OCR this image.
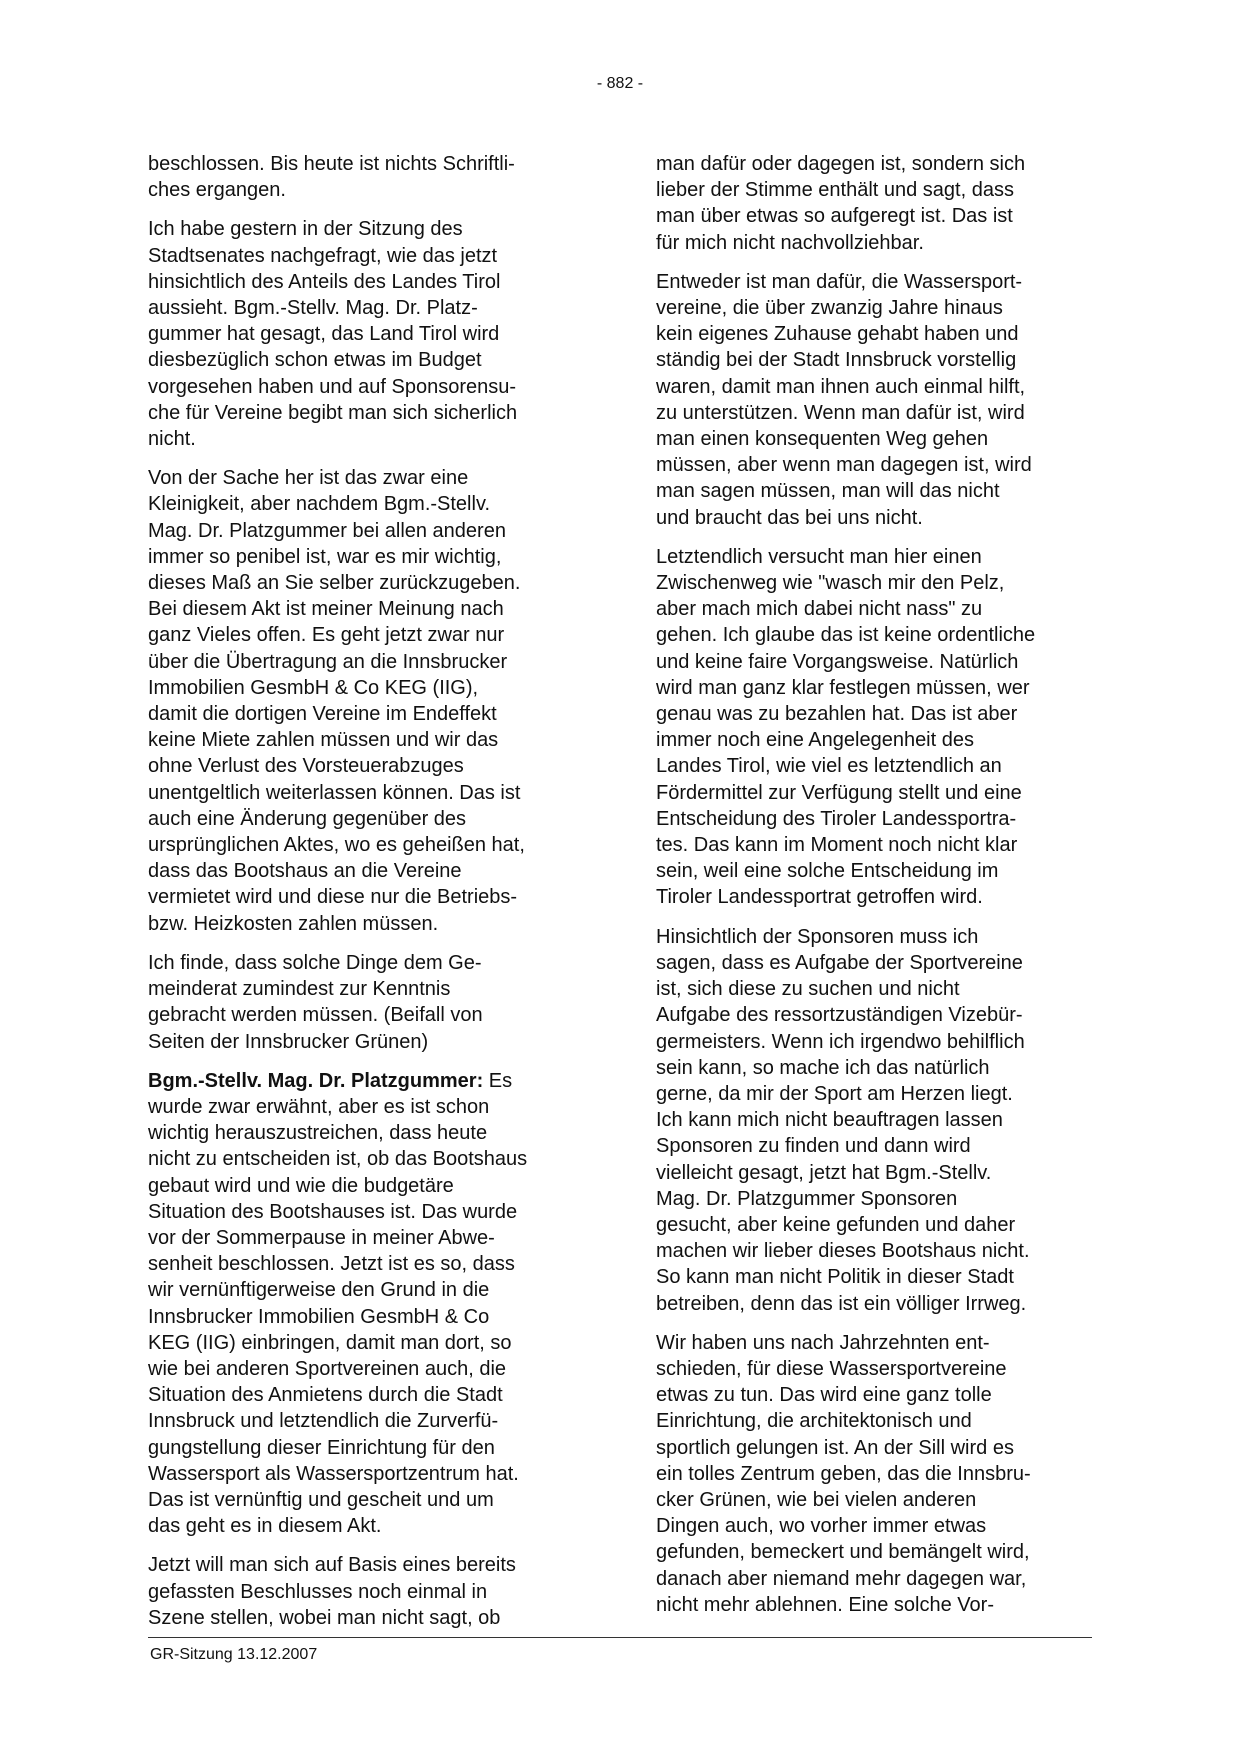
- 882 -

beschlossen. Bis heute ist nichts Schriftli-
ches ergangen.

Ich habe gestern in der Sitzung des
Stadtsenates nachgefragt, wie das jetzt
hinsichtlich des Anteils des Landes Tirol
aussieht. Bgm.-Stellv. Mag. Dr. Platz-
gummer hat gesagt, das Land Tirol wird
diesbezüglich schon etwas im Budget
vorgesehen haben und auf Sponsorensu-
che für Vereine begibt man sich sicherlich
nicht.

Von der Sache her ist das zwar eine
Kleinigkeit, aber nachdem Bgm.-Stellv.
Mag. Dr. Platzgummer bei allen anderen
immer so penibel ist, war es mir wichtig,
dieses Maß an Sie selber zurückzugeben.
Bei diesem Akt ist meiner Meinung nach
ganz Vieles offen. Es geht jetzt zwar nur
über die Übertragung an die Innsbrucker
Immobilien GesmbH & Co KEG (IIG),
damit die dortigen Vereine im Endeffekt
keine Miete zahlen müssen und wir das
ohne Verlust des Vorsteuerabzuges
unentgeltlich weiterlassen können. Das ist
auch eine Änderung gegenüber des
ursprünglichen Aktes, wo es geheißen hat,
dass das Bootshaus an die Vereine
vermietet wird und diese nur die Betriebs-
bzw. Heizkosten zahlen müssen.

Ich finde, dass solche Dinge dem Ge-
meinderat zumindest zur Kenntnis
gebracht werden müssen. (Beifall von
Seiten der Innsbrucker Grünen)

Bgm.-Stellv. Mag. Dr. Platzgummer: Es
wurde zwar erwähnt, aber es ist schon
wichtig herauszustreichen, dass heute
nicht zu entscheiden ist, ob das Bootshaus
gebaut wird und wie die budgetäre
Situation des Bootshauses ist. Das wurde
vor der Sommerpause in meiner Abwe-
senheit beschlossen. Jetzt ist es so, dass
wir vernünftigerweise den Grund in die
Innsbrucker Immobilien GesmbH & Co
KEG (IIG) einbringen, damit man dort, so
wie bei anderen Sportvereinen auch, die
Situation des Anmietens durch die Stadt
Innsbruck und letztendlich die Zurverfü-
gungstellung dieser Einrichtung für den
Wassersport als Wassersportzentrum hat.
Das ist vernünftig und gescheit und um
das geht es in diesem Akt.

Jetzt will man sich auf Basis eines bereits
gefassten Beschlusses noch einmal in
Szene stellen, wobei man nicht sagt, ob

man dafür oder dagegen ist, sondern sich
lieber der Stimme enthält und sagt, dass
man über etwas so aufgeregt ist. Das ist
für mich nicht nachvollziehbar.

Entweder ist man dafür, die Wassersport-
vereine, die über zwanzig Jahre hinaus
kein eigenes Zuhause gehabt haben und
ständig bei der Stadt Innsbruck vorstellig
waren, damit man ihnen auch einmal hilft,
zu unterstützen. Wenn man dafür ist, wird
man einen konsequenten Weg gehen
müssen, aber wenn man dagegen ist, wird
man sagen müssen, man will das nicht
und braucht das bei uns nicht.

Letztendlich versucht man hier einen
Zwischenweg wie "wasch mir den Pelz,
aber mach mich dabei nicht nass" zu
gehen. Ich glaube das ist keine ordentliche
und keine faire Vorgangsweise. Natürlich
wird man ganz klar festlegen müssen, wer
genau was zu bezahlen hat. Das ist aber
immer noch eine Angelegenheit des
Landes Tirol, wie viel es letztendlich an
Fördermittel zur Verfügung stellt und eine
Entscheidung des Tiroler Landessportra-
tes. Das kann im Moment noch nicht klar
sein, weil eine solche Entscheidung im
Tiroler Landessportrat getroffen wird.

Hinsichtlich der Sponsoren muss ich
sagen, dass es Aufgabe der Sportvereine
ist, sich diese zu suchen und nicht
Aufgabe des ressortzuständigen Vizebür-
germeisters. Wenn ich irgendwo behilflich
sein kann, so mache ich das natürlich
gerne, da mir der Sport am Herzen liegt.
Ich kann mich nicht beauftragen lassen
Sponsoren zu finden und dann wird
vielleicht gesagt, jetzt hat Bgm.-Stellv.
Mag. Dr. Platzgummer Sponsoren
gesucht, aber keine gefunden und daher
machen wir lieber dieses Bootshaus nicht.
So kann man nicht Politik in dieser Stadt
betreiben, denn das ist ein völliger Irrweg.

Wir haben uns nach Jahrzehnten ent-
schieden, für diese Wassersportvereine
etwas zu tun. Das wird eine ganz tolle
Einrichtung, die architektonisch und
sportlich gelungen ist. An der Sill wird es
ein tolles Zentrum geben, das die Innsbru-
cker Grünen, wie bei vielen anderen
Dingen auch, wo vorher immer etwas
gefunden, bemeckert und bemängelt wird,
danach aber niemand mehr dagegen war,
nicht mehr ablehnen. Eine solche Vor-

GR-Sitzung 13.12.2007
